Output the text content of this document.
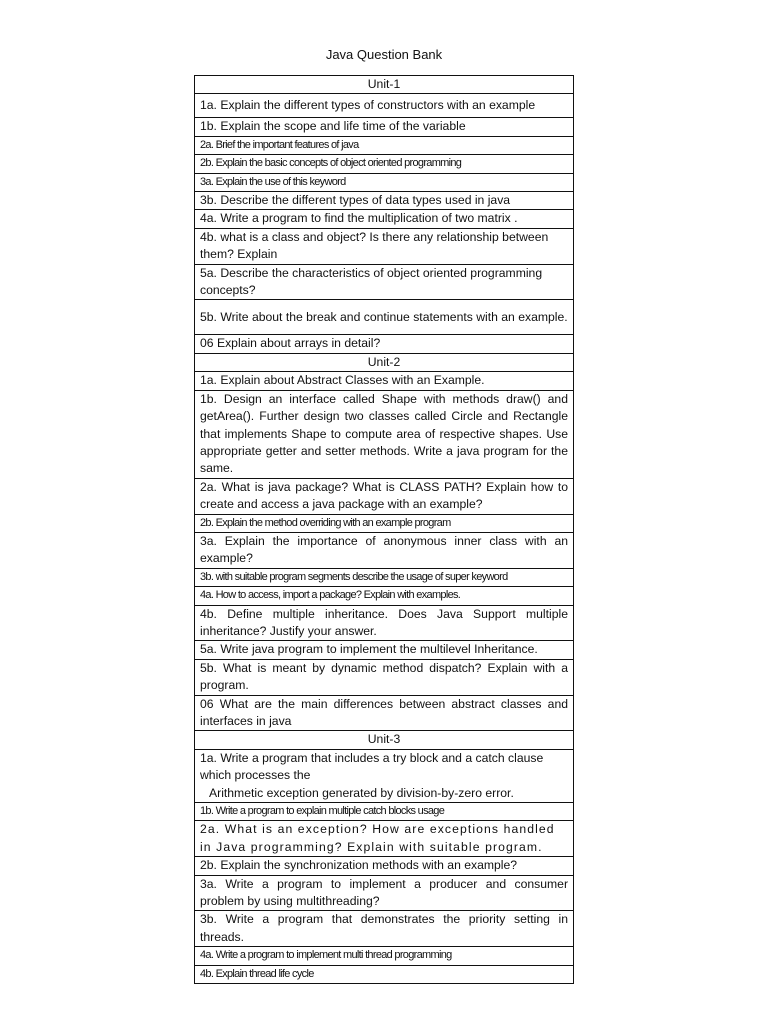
Java Question Bank
Unit-1
1a. Explain the different types of constructors with an example
1b. Explain the scope and life time of the variable
2a. Brief the important features of java
2b. Explain the basic concepts of object oriented programming
3a. Explain the use of this keyword
3b. Describe the different types of data types used in java
4a. Write a program to find the multiplication of two matrix .
4b. what is a class and object? Is there any relationship between them? Explain
5a. Describe the characteristics of object oriented programming concepts?
5b. Write about the break and continue statements with an example.
06 Explain about arrays in detail?
Unit-2
1a. Explain about Abstract Classes with an Example.
1b. Design an interface called Shape with methods draw() and getArea(). Further design two classes called Circle and Rectangle that implements Shape to compute area of respective shapes. Use appropriate getter and setter methods. Write a java program for the same.
2a. What is java package? What is CLASS PATH? Explain how to create and access a java package with an example?
2b. Explain the method overriding with an example program
3a. Explain the importance of anonymous inner class with an example?
3b. with suitable program segments describe the usage of super keyword
4a. How to access, import a package? Explain with examples.
4b. Define multiple inheritance. Does Java Support multiple inheritance? Justify your answer.
5a. Write java program to implement the multilevel Inheritance.
5b. What is meant by dynamic method dispatch? Explain with a program.
06 What are the main differences between abstract classes and interfaces in java
Unit-3
1a. Write a program that includes a try block and a catch clause which processes the
Arithmetic exception generated by division-by-zero error.
1b. Write a program to explain multiple catch blocks usage
2a. What is an exception? How are exceptions handled in Java programming? Explain with suitable program.
2b. Explain the synchronization methods with an example?
3a. Write a program to implement a producer and consumer problem by using multithreading?
3b. Write a program that demonstrates the priority setting in threads.
4a. Write a program to implement multi thread programming
4b. Explain thread life cycle
